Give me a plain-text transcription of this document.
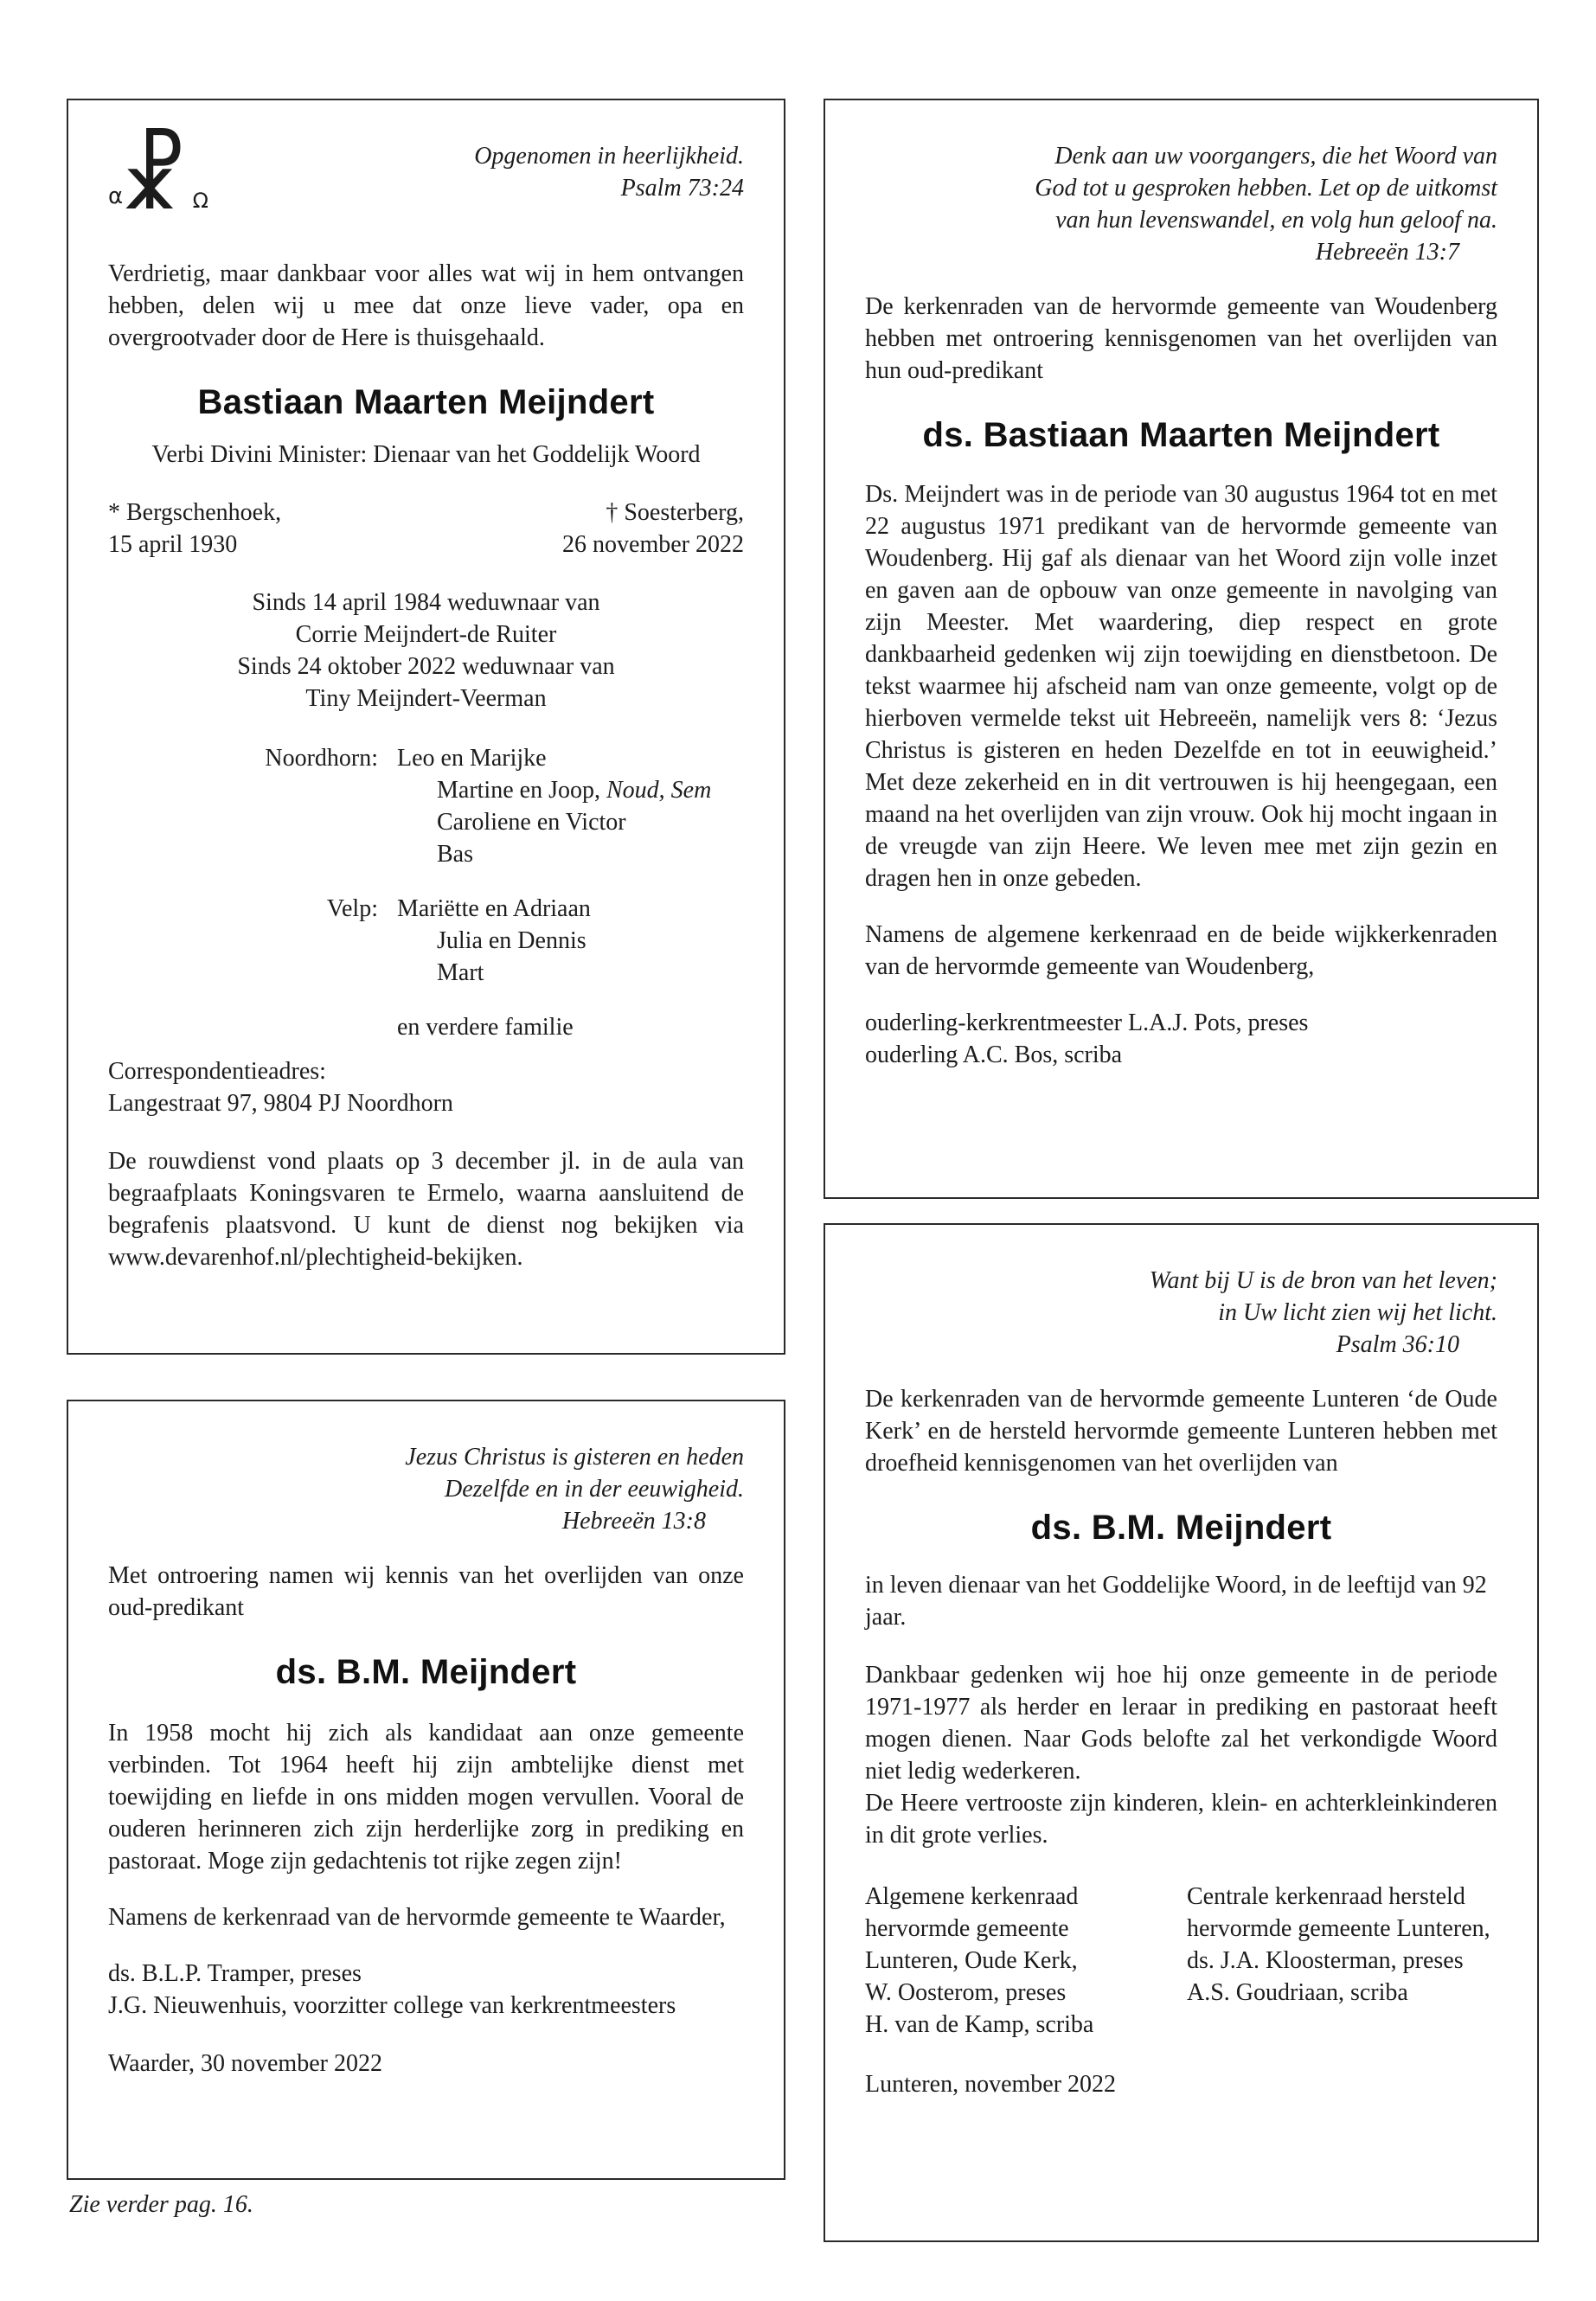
☧
α	Ω
Opgenomen in heerlijkheid.
Psalm 73:24

Verdrietig, maar dankbaar voor alles wat wij in hem ontvangen hebben, delen wij u mee dat onze lieve vader, opa en overgrootvader door de Here is thuisgehaald.

Bastiaan Maarten Meijndert
Verbi Divini Minister: Dienaar van het Goddelijk Woord
* Bergschenhoek,
15 april 1930
† Soesterberg,
26 november 2022
Sinds 14 april 1984 weduwnaar van
Corrie Meijndert-de Ruiter
Sinds 24 oktober 2022 weduwnaar van
Tiny Meijndert-Veerman
Noordhorn: Leo en Marijke
Martine en Joop, Noud, Sem
Caroliene en Victor
Bas
Velp: Mariëtte en Adriaan
Julia en Dennis
Mart
en verdere familie
Correspondentieadres:
Langestraat 97, 9804 PJ Noordhorn

De rouwdienst vond plaats op 3 december jl. in de aula van begraafplaats Koningsvaren te Ermelo, waarna aansluitend de begrafenis plaatsvond. U kunt de dienst nog bekijken via www.devarenhof.nl/plechtigheid-bekijken.

Denk aan uw voorgangers, die het Woord van
God tot u gesproken hebben. Let op de uitkomst
van hun levenswandel, en volg hun geloof na.
Hebreeën 13:7

De kerkenraden van de hervormde gemeente van Woudenberg hebben met ontroering kennisgenomen van het overlijden van hun oud-predikant

ds. Bastiaan Maarten Meijndert

Ds. Meijndert was in de periode van 30 augustus 1964 tot en met 22 augustus 1971 predikant van de hervormde gemeente van Woudenberg. Hij gaf als dienaar van het Woord zijn volle inzet en gaven aan de opbouw van onze gemeente in navolging van zijn Meester. Met waardering, diep respect en grote dankbaarheid gedenken wij zijn toewijding en dienstbetoon. De tekst waarmee hij afscheid nam van onze gemeente, volgt op de hierboven vermelde tekst uit Hebreeën, namelijk vers 8: ‘Jezus Christus is gisteren en heden Dezelfde en tot in eeuwigheid.’ Met deze zekerheid en in dit vertrouwen is hij heengegaan, een maand na het overlijden van zijn vrouw. Ook hij mocht ingaan in de vreugde van zijn Heere. We leven mee met zijn gezin en dragen hen in onze gebeden.

Namens de algemene kerkenraad en de beide wijkkerkenraden van de hervormde gemeente van Woudenberg,

ouderling-kerkrentmeester L.A.J. Pots, preses
ouderling A.C. Bos, scriba
Jezus Christus is gisteren en heden
Dezelfde en in der eeuwigheid.
Hebreeën 13:8

Met ontroering namen wij kennis van het overlijden van onze oud-predikant

ds. B.M. Meijndert

In 1958 mocht hij zich als kandidaat aan onze gemeente verbinden. Tot 1964 heeft hij zijn ambtelijke dienst met toewijding en liefde in ons midden mogen vervullen. Vooral de ouderen herinneren zich zijn herderlijke zorg in prediking en pastoraat. Moge zijn gedachtenis tot rijke zegen zijn!

Namens de kerkenraad van de hervormde gemeente te Waarder,

ds. B.L.P. Tramper, preses
J.G. Nieuwenhuis, voorzitter college van kerkrentmeesters
Waarder, 30 november 2022
Want bij U is de bron van het leven;
in Uw licht zien wij het licht.
Psalm 36:10

De kerkenraden van de hervormde gemeente Lunteren ‘de Oude Kerk’ en de hersteld hervormde gemeente Lunteren hebben met droefheid kennisgenomen van het overlijden van

ds. B.M. Meijndert

in leven dienaar van het Goddelijke Woord, in de leeftijd van 92 jaar.

Dankbaar gedenken wij hoe hij onze gemeente in de periode 1971-1977 als herder en leraar in prediking en pastoraat heeft mogen dienen. Naar Gods belofte zal het verkondigde Woord niet ledig wederkeren.

De Heere vertrooste zijn kinderen, klein- en achterkleinkinderen in dit grote verlies.

Algemene kerkenraad
hervormde gemeente
Lunteren, Oude Kerk,
W. Oosterom, preses
H. van de Kamp, scriba
Centrale kerkenraad hersteld
hervormde gemeente Lunteren,
ds. J.A. Kloosterman, preses
A.S. Goudriaan, scriba
Lunteren, november 2022
Zie verder pag. 16.
